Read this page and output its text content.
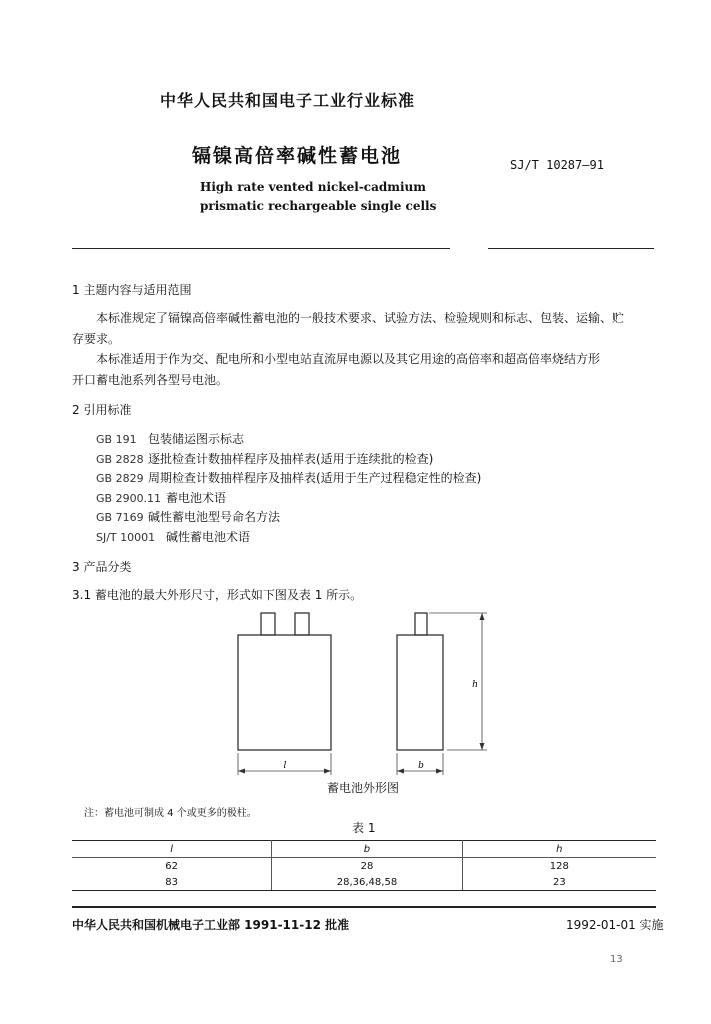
中华人民共和国电子工业行业标准
镉镍高倍率碱性蓄电池	SJ/T 10287—91
High rate vented nickel-cadmium
prismatic rechargeable single cells
1 主题内容与适用范围
本标准规定了镉镍高倍率碱性蓄电池的一般技术要求、试验方法、检验规则和标志、包装、运输、贮
存要求。
本标准适用于作为交、配电所和小型电站直流屏电源以及其它用途的高倍率和超高倍率烧结方形
开口蓄电池系列各型号电池。
2 引用标准
GB 191 包装储运图示标志
GB 2828 逐批检查计数抽样程序及抽样表(适用于连续批的检查)
GB 2829 周期检查计数抽样程序及抽样表(适用于生产过程稳定性的检查)
GB 2900.11 蓄电池术语
GB 7169 碱性蓄电池型号命名方法
SJ/T 10001 碱性蓄电池术语
3 产品分类
3.1 蓄电池的最大外形尺寸，形式如下图及表 1 所示。
l	b
h
蓄电池外形图
注：蓄电池可制成 4 个或更多的极柱。
表 1
l	b	h
62	28	128
83	28,36,48,58	23
中华人民共和国机械电子工业部 1991-11-12 批准	1992-01-01 实施
13
